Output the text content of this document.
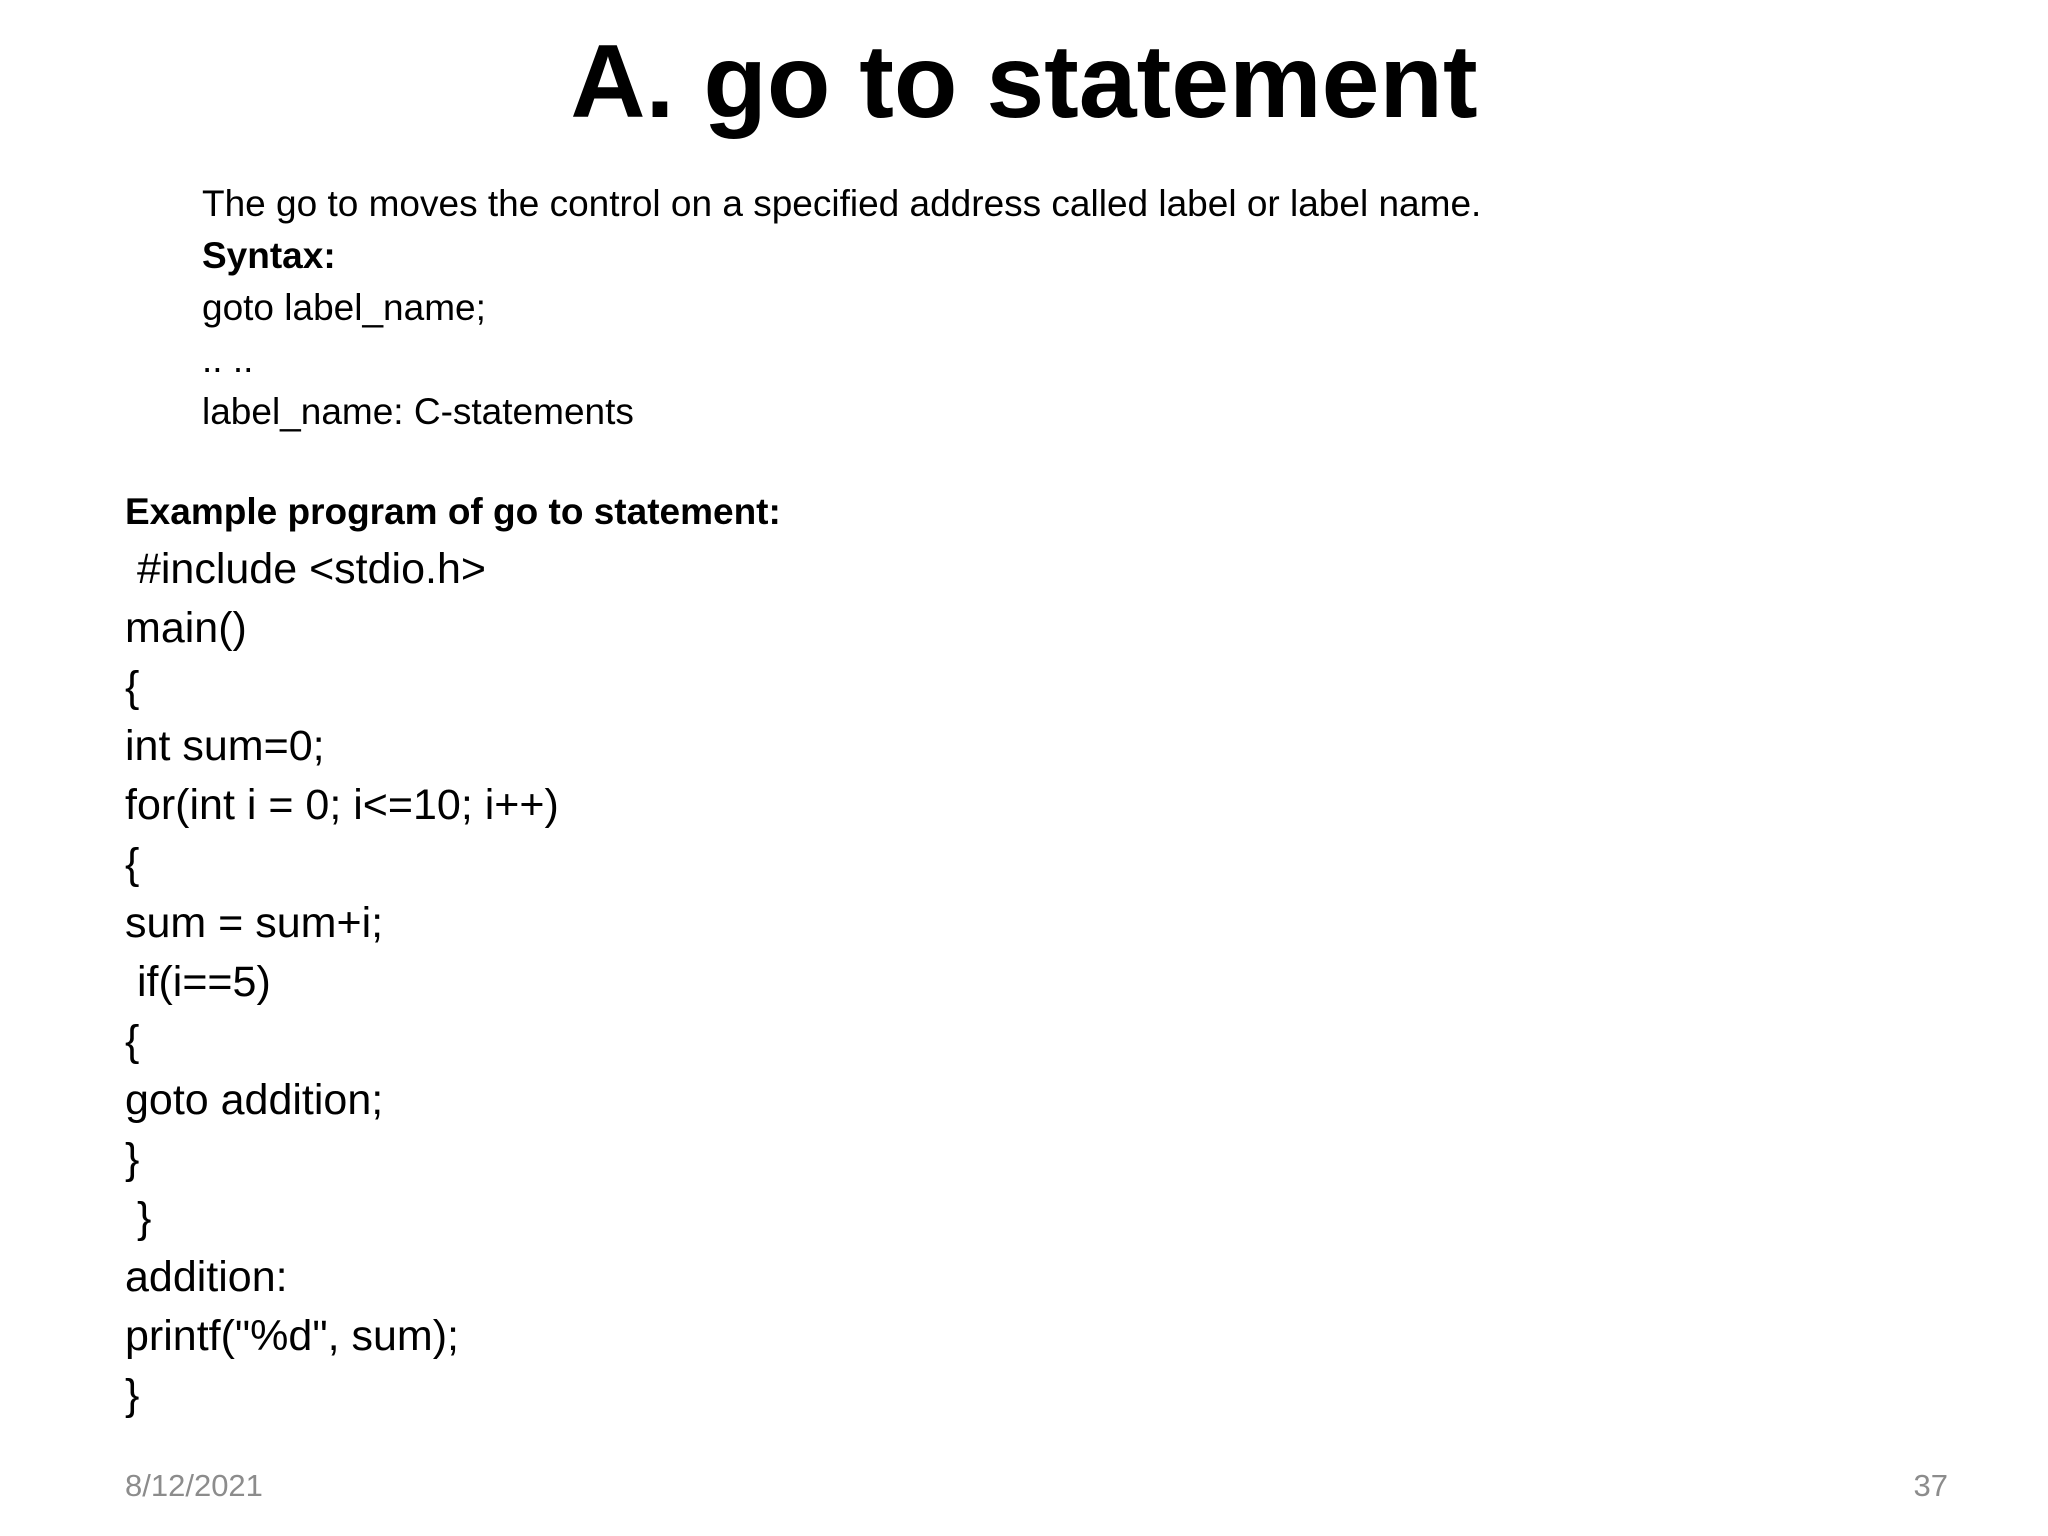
A. go to statement
The go to moves the control on a specified address called label or label name.
Syntax:
goto label_name;
.. ..
label_name: C-statements
Example program of go to statement:
#include <stdio.h>
main()
{
int sum=0;
for(int i = 0; i<=10; i++)
{
sum = sum+i;
if(i==5)
{
goto addition;
}
}
addition:
printf("%d", sum);
}
8/12/2021	37
